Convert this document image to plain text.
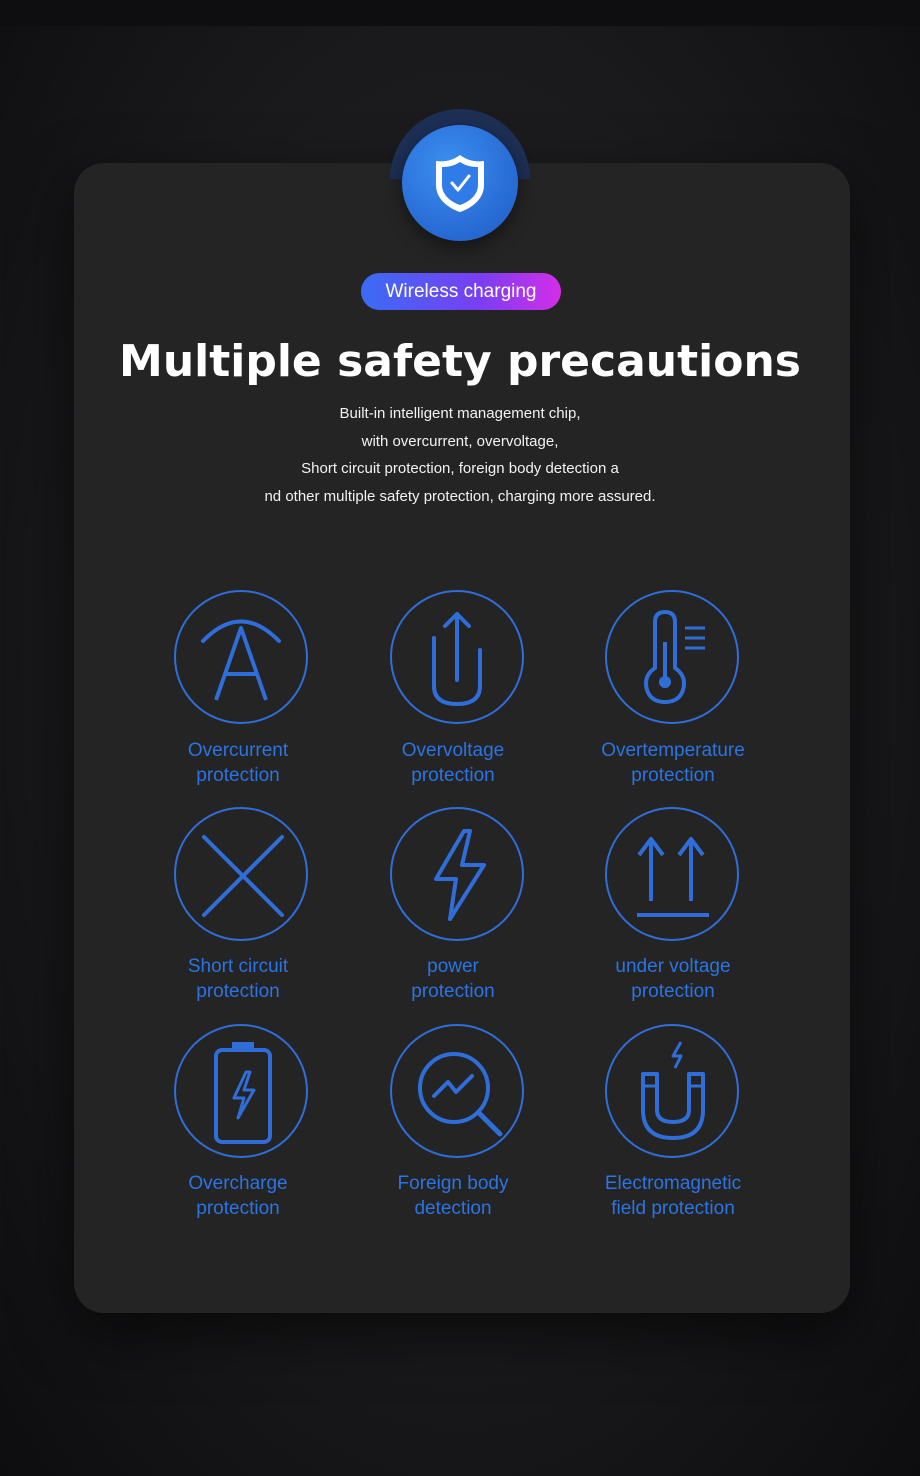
Wireless charging
Multiple safety precautions
Built-in intelligent management chip,
with overcurrent, overvoltage,
Short circuit protection, foreign body detection a
nd other multiple safety protection, charging more assured.
Overcurrent
protection
Overvoltage
protection
Overtemperature
protection
Short circuit
protection
power
protection
under voltage
protection
Overcharge
protection
Foreign body
detection
Electromagnetic
field protection
